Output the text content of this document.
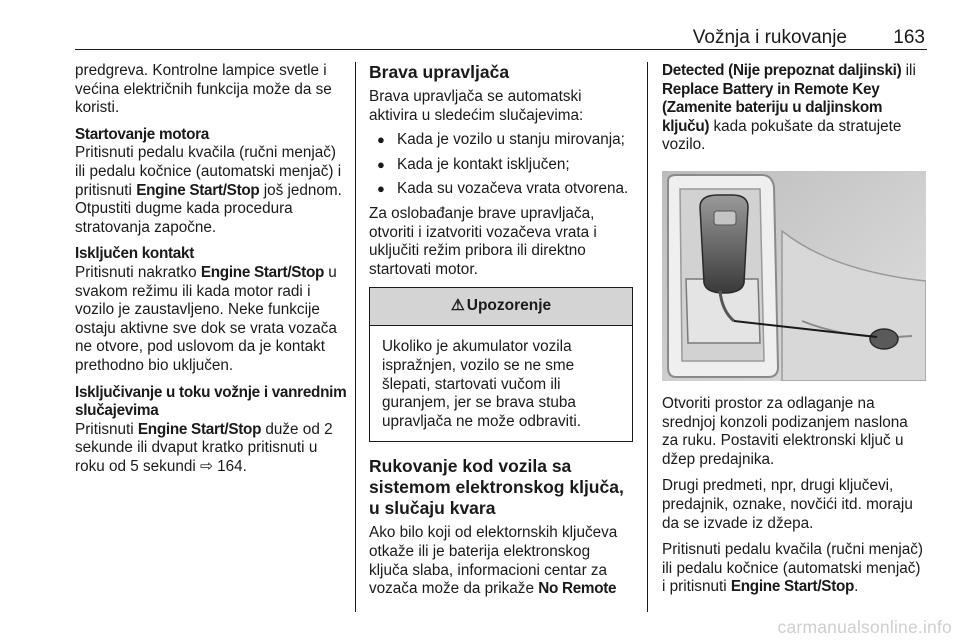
Vožnja i rukovanje 163

predgreva. Kontrolne lampice svetle i većina električnih funkcija može da se koristi.

Startovanje motora

Pritisnuti pedalu kvačila (ručni menjač) ili pedalu kočnice (automatski menjač) i pritisnuti Engine Start/Stop još jednom. Otpustiti dugme kada procedura stratovanja započne.

Isključen kontakt

Pritisnuti nakratko Engine Start/Stop u svakom režimu ili kada motor radi i vozilo je zaustavljeno. Neke funkcije ostaju aktivne sve dok se vrata vozača ne otvore, pod uslovom da je kontakt prethodno bio uključen.

Isključivanje u toku vožnje i vanrednim slučajevima

Pritisnuti Engine Start/Stop duže od 2 sekunde ili dvaput kratko pritisnuti u roku od 5 sekundi ⇨ 164.

Brava upravljača

Brava upravljača se automatski aktivira u sledećim slučajevima:

● Kada je vozilo u stanju mirovanja;
● Kada je kontakt isključen;
● Kada su vozačeva vrata otvorena.

Za oslobađanje brave upravljača, otvoriti i izatvoriti vozačeva vrata i uključiti režim pribora ili direktno startovati motor.

⚠ Upozorenje
Ukoliko je akumulator vozila ispražnjen, vozilo se ne sme šlepati, startovati vučom ili guranjem, jer se brava stuba upravljača ne može odbraviti.

Rukovanje kod vozila sa sistemom elektronskog ključa, u slučaju kvara

Ako bilo koji od elektornskih ključeva otkaže ili je baterija elektronskog ključa slaba, informacioni centar za vozača može da prikaže No Remote

Detected (Nije prepoznat daljinski) ili Replace Battery in Remote Key (Zamenite bateriju u daljinskom ključu) kada pokušate da stratujete vozilo.

Otvoriti prostor za odlaganje na srednjoj konzoli podizanjem naslona za ruku. Postaviti elektronski ključ u džep predajnika.

Drugi predmeti, npr, drugi ključevi, predajnik, oznake, novčići itd. moraju da se izvade iz džepa.

Pritisnuti pedalu kvačila (ručni menjač) ili pedalu kočnice (automatski menjač) i pritisnuti Engine Start/Stop.

carmanualsonline.info
